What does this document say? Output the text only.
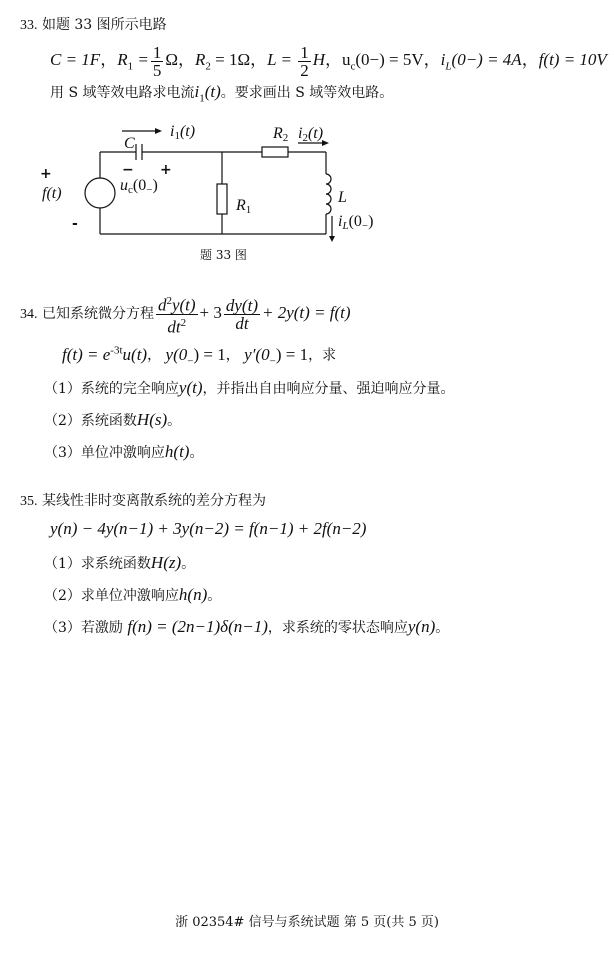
33. 如题 33 图所示电路
C = 1F，$R_1 = \frac{1}{5}$ Ω，$R_2 = 1\Omega$，$L = \frac{1}{2}$ H，$u_c(0-) = 5V$，$i_L(0-) = 4A$，f(t) = 10V
用 S 域等效电路求电流$i_1(t)$。要求画出 S 域等效电路。
C
i1(t)	R2 i2(t)
uc(0−)
f(t)
R1
L
iL(0−)
− +
+
-
题 33 图
34. 已知系统微分方程 $\frac{d^2y(t)}{dt^2} + 3 \frac{dy(t)}{dt} + 2y(t) = f(t)$
$f(t) = e^{-3t}u(t)$， $y(0_-) = 1$， $y'(0_-) = 1$，求
（1）系统的完全响应y(t)，并指出自由响应分量、强迫响应分量。
（2）系统函数H(s)。
（3）单位冲激响应h(t)。
35. 某线性非时变离散系统的差分方程为
y(n) − 4y(n−1) + 3y(n−2) = f(n−1) + 2f(n−2)
（1）求系统函数H(z)。
（2）求单位冲激响应h(n)。
（3）若激励 f(n) = (2n−1)δ(n−1)，求系统的零状态响应y(n)。
浙 02354# 信号与系统试题 第 5 页(共 5 页)
